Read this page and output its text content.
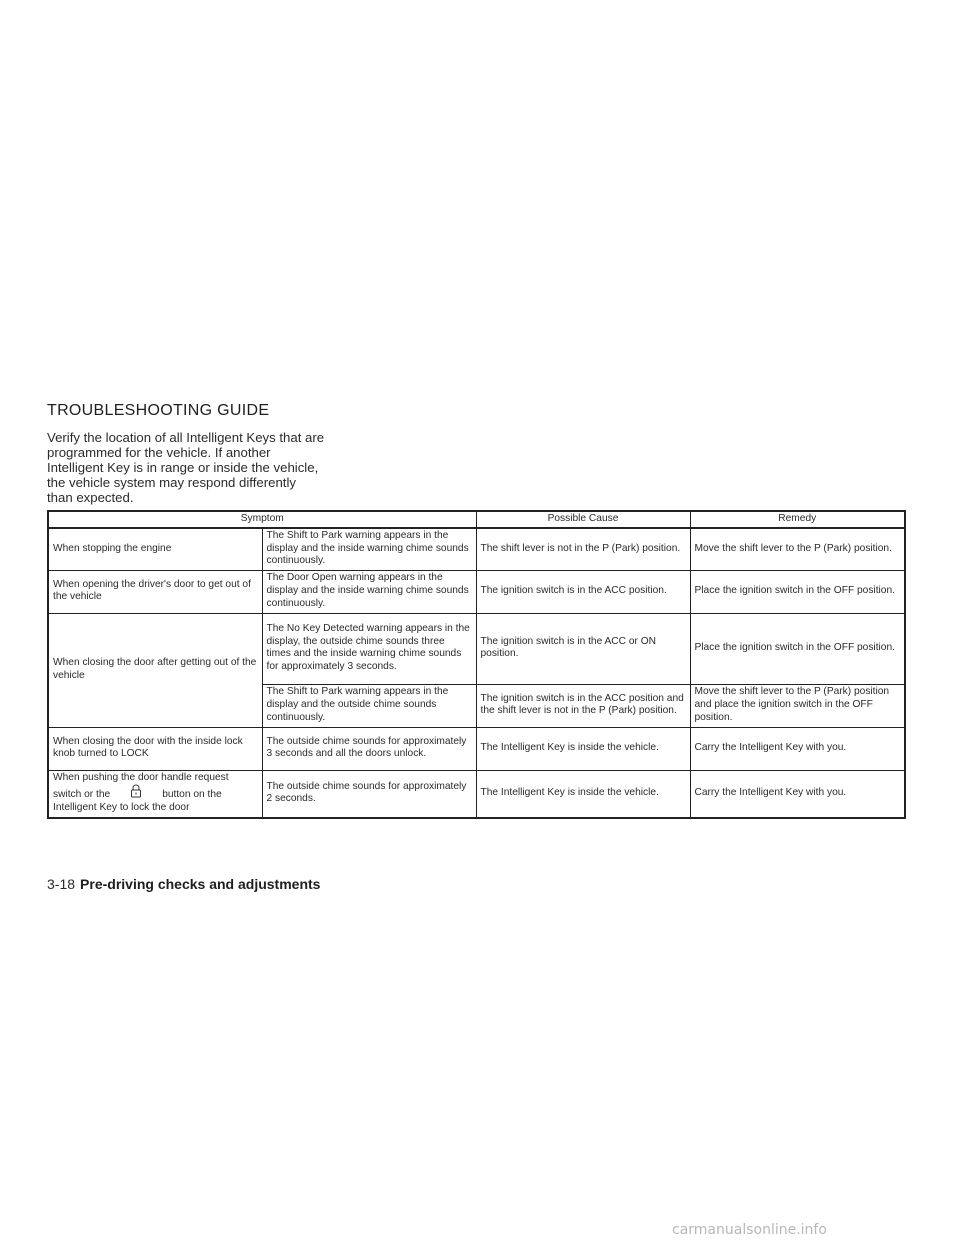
TROUBLESHOOTING GUIDE

Verify the location of all Intelligent Keys that are programmed for the vehicle. If another Intelligent Key is in range or inside the vehicle, the vehicle system may respond differently than expected.

Symptom		Possible Cause	Remedy
When stopping the engine	The Shift to Park warning appears in the display and the inside warning chime sounds continuously.	The shift lever is not in the P (Park) position.	Move the shift lever to the P (Park) position.
When opening the driver's door to get out of the vehicle	The Door Open warning appears in the display and the inside warning chime sounds continuously.	The ignition switch is in the ACC position.	Place the ignition switch in the OFF position.
When closing the door after getting out of the vehicle	The No Key Detected warning appears in the display, the outside chime sounds three times and the inside warning chime sounds for approximately 3 seconds.	The ignition switch is in the ACC or ON position.	Place the ignition switch in the OFF position.
	The Shift to Park warning appears in the display and the outside chime sounds continuously.	The ignition switch is in the ACC position and the shift lever is not in the P (Park) position.	Move the shift lever to the P (Park) position and place the ignition switch in the OFF position.
When closing the door with the inside lock knob turned to LOCK	The outside chime sounds for approximately 3 seconds and all the doors unlock.	The Intelligent Key is inside the vehicle.	Carry the Intelligent Key with you.
When pushing the door handle request switch or the button on the Intelligent Key to lock the door	The outside chime sounds for approximately 2 seconds.	The Intelligent Key is inside the vehicle.	Carry the Intelligent Key with you.
3-18 Pre-driving checks and adjustments
carmanualsonline.info
